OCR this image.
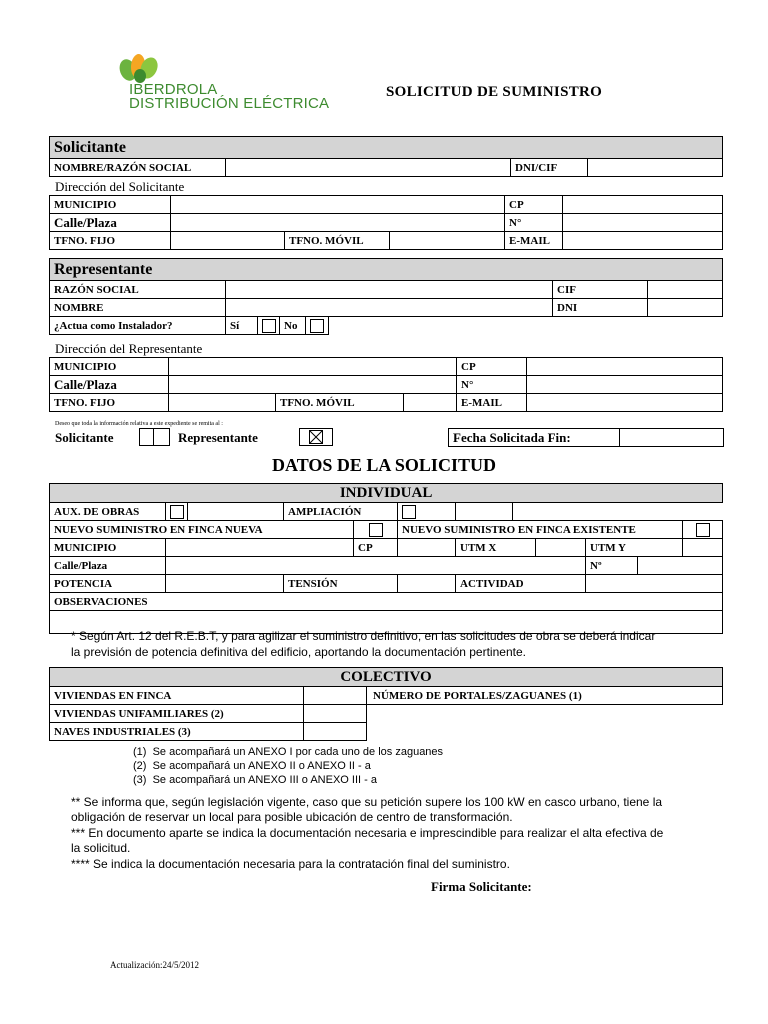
IBERDROLA
DISTRIBUCIÓN ELÉCTRICA
SOLICITUD DE SUMINISTRO
Solicitante
NOMBRE/RAZÓN SOCIAL		DNI/CIF	
Dirección del Solicitante
MUNICIPIO				CP	
Calle/Plaza				N°	
TFNO. FIJO		TFNO. MÓVIL		E-MAIL	
Representante							
RAZÓN SOCIAL						CIF	
NOMBRE						DNI	
¿Actua como Instalador?	Sí		No				
Dirección del Representante
MUNICIPIO				CP	
Calle/Plaza				N°	
TFNO. FIJO		TFNO. MÓVIL		E-MAIL	
Deseo que toda la información relativa a este expediente se remita al :
Solicitante	Representante	Fecha Solicitada Fin:	
DATOS DE LA SOLICITUD
INDIVIDUAL											
AUX. DE OBRAS			AMPLIACIÓN								
NUEVO SUMINISTRO EN FINCA NUEVA					NUEVO SUMINISTRO EN FINCA EXISTENTE						
MUNICIPIO				CP		UTM X			UTM Y		
Calle/Plaza									Nº		
POTENCIA			TENSIÓN			ACTIVIDAD					
OBSERVACIONES											

* Según Art. 12 del R.E.B.T, y para agilizar el suministro definitivo, en las solicitudes de obra se deberá indicar
la previsión de potencia definitiva del edificio, aportando la documentación pertinente.
COLECTIVO		
VIVIENDAS EN FINCA		NÚMERO DE PORTALES/ZAGUANES (1)
VIVIENDAS UNIFAMILIARES (2)		
NAVES INDUSTRIALES (3)		
(1) Se acompañará un ANEXO I por cada uno de los zaguanes
(2) Se acompañará un ANEXO II o ANEXO II - a
(3) Se acompañará un ANEXO III o ANEXO III - a
** Se informa que, según legislación vigente, caso que su petición supere los 100 kW en casco urbano, tiene la
obligación de reservar un local para posible ubicación de centro de transformación.
*** En documento aparte se indica la documentación necesaria e imprescindible para realizar el alta efectiva de
la solicitud.
**** Se indica la documentación necesaria para la contratación final del suministro.
Firma Solicitante:
Actualización:24/5/2012
